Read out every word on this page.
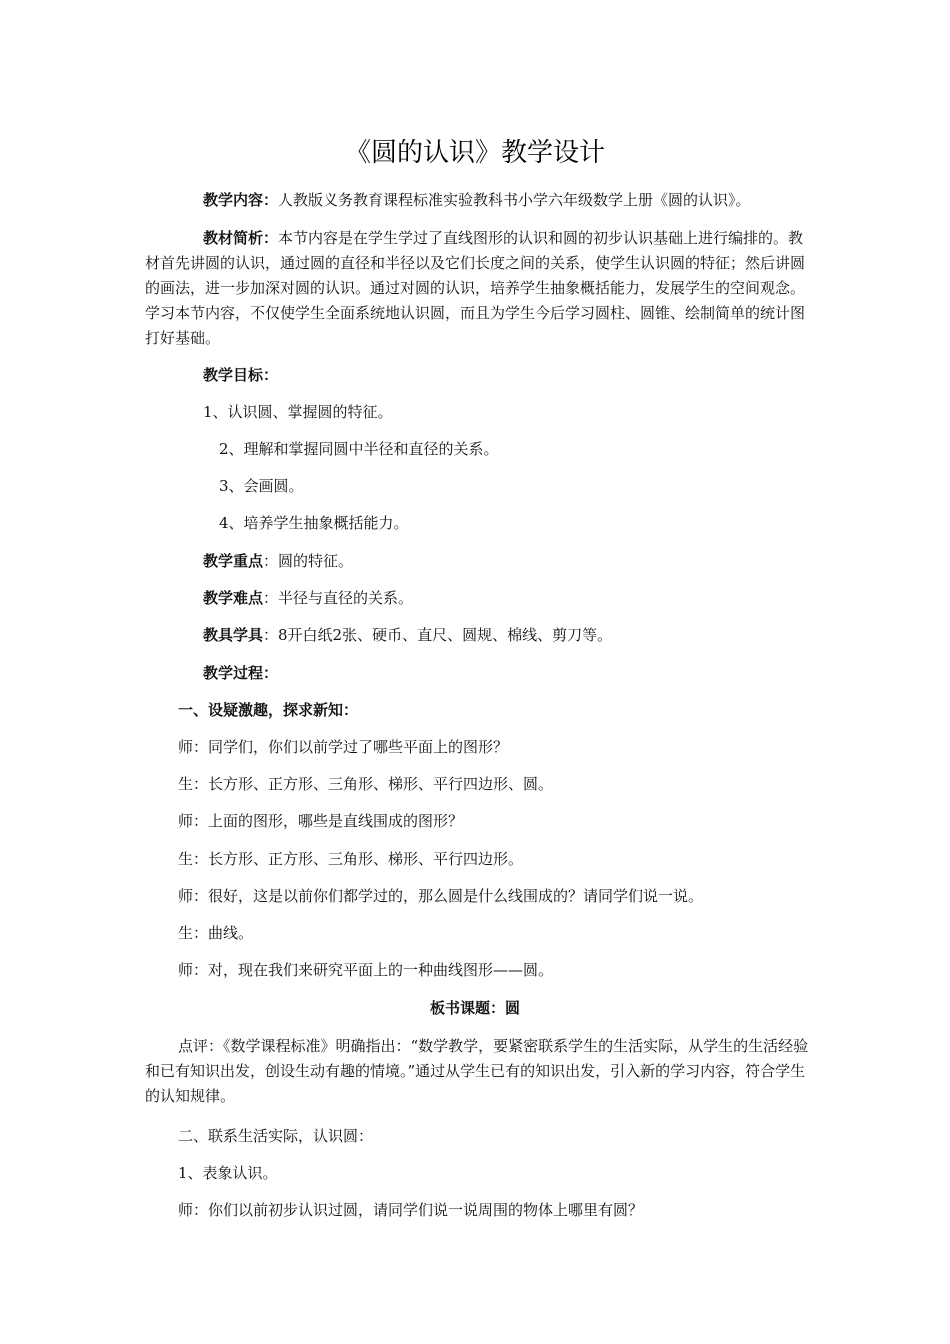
《圆的认识》教学设计
教学内容：人教版义务教育课程标准实验教科书小学六年级数学上册《圆的认识》。
教材简析：本节内容是在学生学过了直线图形的认识和圆的初步认识基础上进行编排的。教材首先讲圆的认识，通过圆的直径和半径以及它们长度之间的关系，使学生认识圆的特征；然后讲圆的画法，进一步加深对圆的认识。通过对圆的认识，培养学生抽象概括能力，发展学生的空间观念。学习本节内容，不仅使学生全面系统地认识圆，而且为学生今后学习圆柱、圆锥、绘制简单的统计图打好基础。
教学目标：
1、认识圆、掌握圆的特征。
2、理解和掌握同圆中半径和直径的关系。
3、会画圆。
4、培养学生抽象概括能力。
教学重点：圆的特征。
教学难点：半径与直径的关系。
教具学具：8开白纸2张、硬币、直尺、圆规、棉线、剪刀等。
教学过程：
一、设疑激趣，探求新知：
师：同学们，你们以前学过了哪些平面上的图形？
生：长方形、正方形、三角形、梯形、平行四边形、圆。
师：上面的图形，哪些是直线围成的图形？
生：长方形、正方形、三角形、梯形、平行四边形。
师：很好，这是以前你们都学过的，那么圆是什么线围成的？请同学们说一说。
生：曲线。
师：对，现在我们来研究平面上的一种曲线图形——圆。
板书课题：圆
点评：《数学课程标准》明确指出：“数学教学，要紧密联系学生的生活实际，从学生的生活经验和已有知识出发，创设生动有趣的情境。”通过从学生已有的知识出发，引入新的学习内容，符合学生的认知规律。
二、联系生活实际，认识圆：
1、表象认识。
师：你们以前初步认识过圆，请同学们说一说周围的物体上哪里有圆？
